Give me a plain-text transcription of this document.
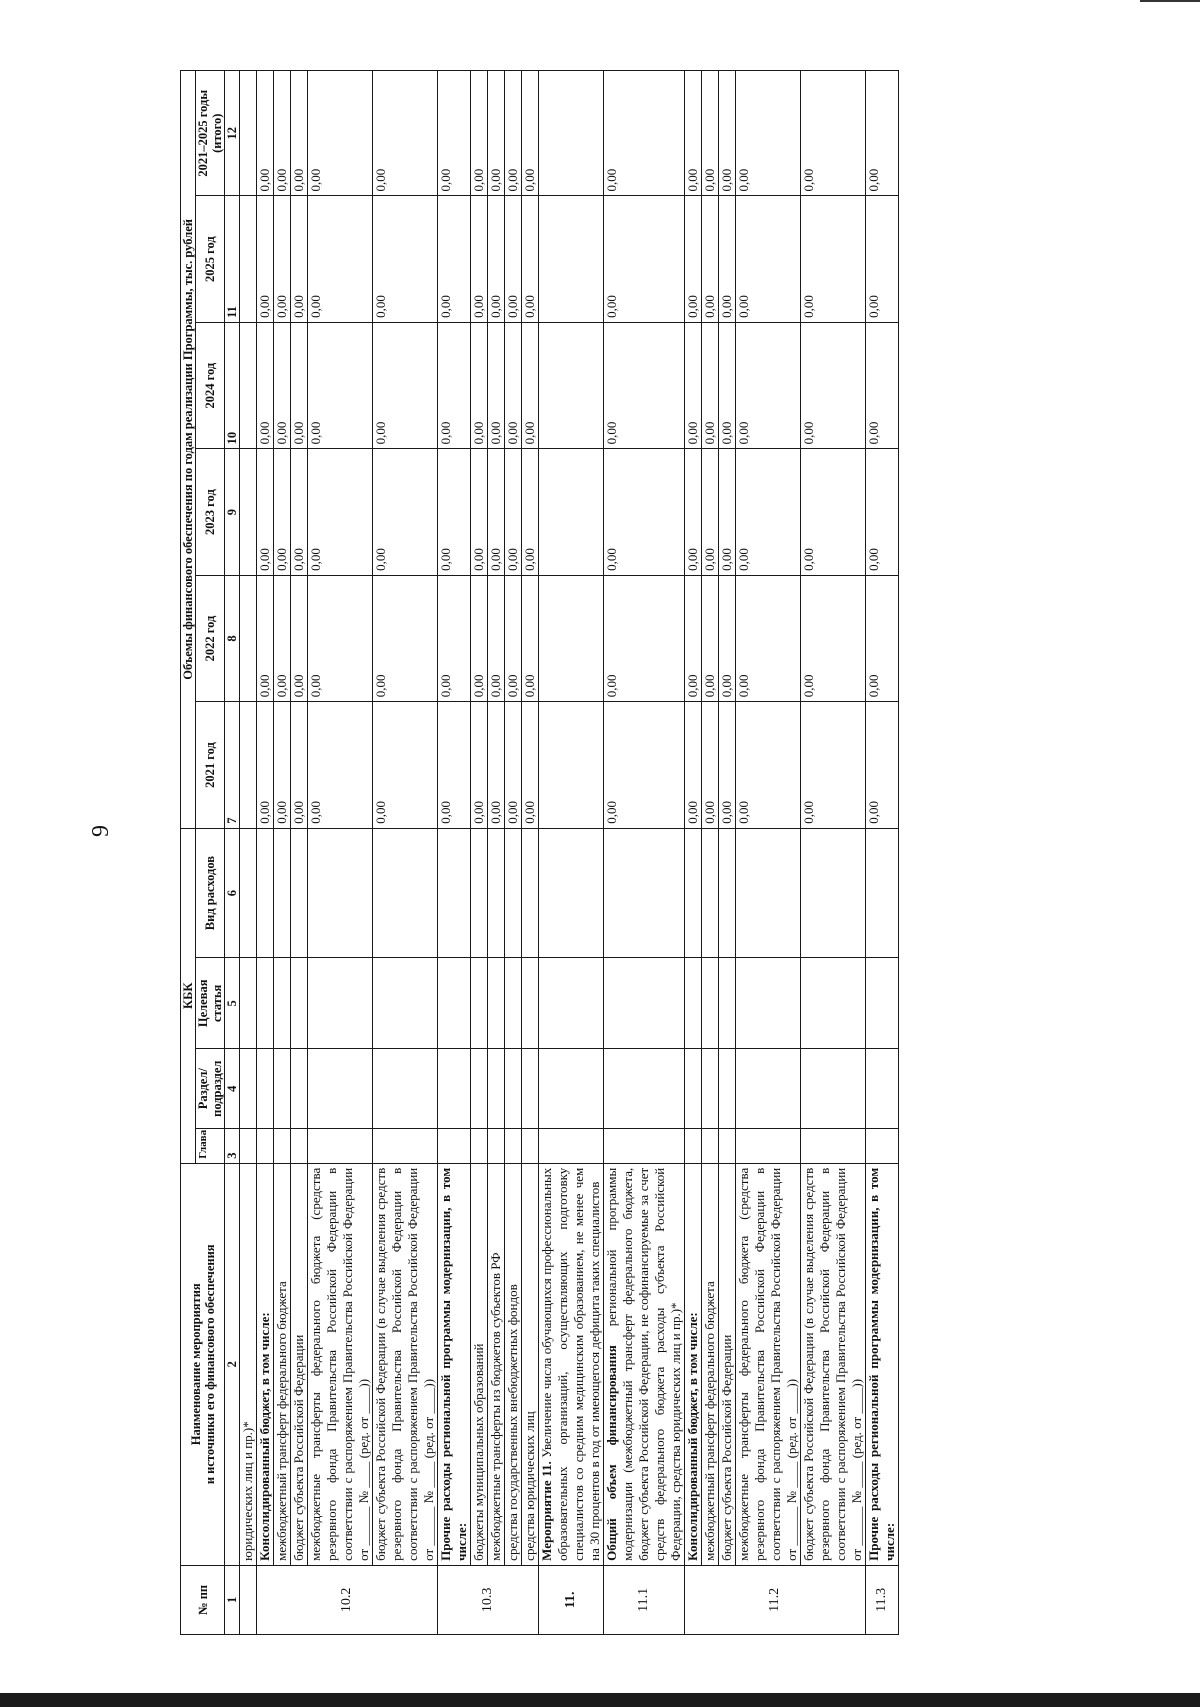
9
№ пп	Наименование мероприятия и источники его финансового обеспечения	КБК				Объемы финансового обеспечения по годам реализации Программы, тыс. рублей					
		Глава	Раздел/ подраздел	Целевая статья	Вид расходов	2021 год	2022 год	2023 год	2024 год	2025 год	2021–2025 годы (итого)
1	2	3	4	5	6	7	8	9	10	11	12
	юридических лиц и пр.)*										
10.2	Консолидированный бюджет, в том числе:					0,00	0,00	0,00	0,00	0,00	0,00
	межбюджетный трансферт федерального бюджета					0,00	0,00	0,00	0,00	0,00	0,00
	бюджет субъекта Российской Федерации					0,00	0,00	0,00	0,00	0,00	0,00
	межбюджетные трансферты федерального бюджета (средства резервного фонда Правительства Российской Федерации в соответствии с распоряжением Правительства Российской Федерации от ______ № ____ (ред. от ____))					0,00	0,00	0,00	0,00	0,00	0,00
	бюджет субъекта Российской Федерации (в случае выделения средств резервного фонда Правительства Российской Федерации в соответствии с распоряжением Правительства Российской Федерации от ______ № ____ (ред. от ____))					0,00	0,00	0,00	0,00	0,00	0,00
10.3	Прочие расходы региональной программы модернизации, в том числе:					0,00	0,00	0,00	0,00	0,00	0,00
	бюджеты муниципальных образований					0,00	0,00	0,00	0,00	0,00	0,00
	межбюджетные трансферты из бюджетов субъектов РФ					0,00	0,00	0,00	0,00	0,00	0,00
	средства государственных внебюджетных фондов					0,00	0,00	0,00	0,00	0,00	0,00
	средства юридических лиц					0,00	0,00	0,00	0,00	0,00	0,00
11.	Мероприятие 11. Увеличение числа обучающихся профессиональных образовательных организаций, осуществляющих подготовку специалистов со средним медицинским образованием, не менее чем на 30 процентов в год от имеющегося дефицита таких специалистов										
11.1	Общий объем финансирования региональной программы модернизации (межбюджетный трансферт федерального бюджета, бюджет субъекта Российской Федерации, не софинансируемые за счет средств федерального бюджета расходы субъекта Российской Федерации, средства юридических лиц и пр.)*					0,00	0,00	0,00	0,00	0,00	0,00
11.2	Консолидированный бюджет, в том числе:					0,00	0,00	0,00	0,00	0,00	0,00
	межбюджетный трансферт федерального бюджета					0,00	0,00	0,00	0,00	0,00	0,00
	бюджет субъекта Российской Федерации					0,00	0,00	0,00	0,00	0,00	0,00
	межбюджетные трансферты федерального бюджета (средства резервного фонда Правительства Российской Федерации в соответствии с распоряжением Правительства Российской Федерации от ______ № ____ (ред. от ____))					0,00	0,00	0,00	0,00	0,00	0,00
	бюджет субъекта Российской Федерации (в случае выделения средств резервного фонда Правительства Российской Федерации в соответствии с распоряжением Правительства Российской Федерации от ______ № ____ (ред. от ____))					0,00	0,00	0,00	0,00	0,00	0,00
11.3	Прочие расходы региональной программы модернизации, в том числе:					0,00	0,00	0,00	0,00	0,00	0,00
